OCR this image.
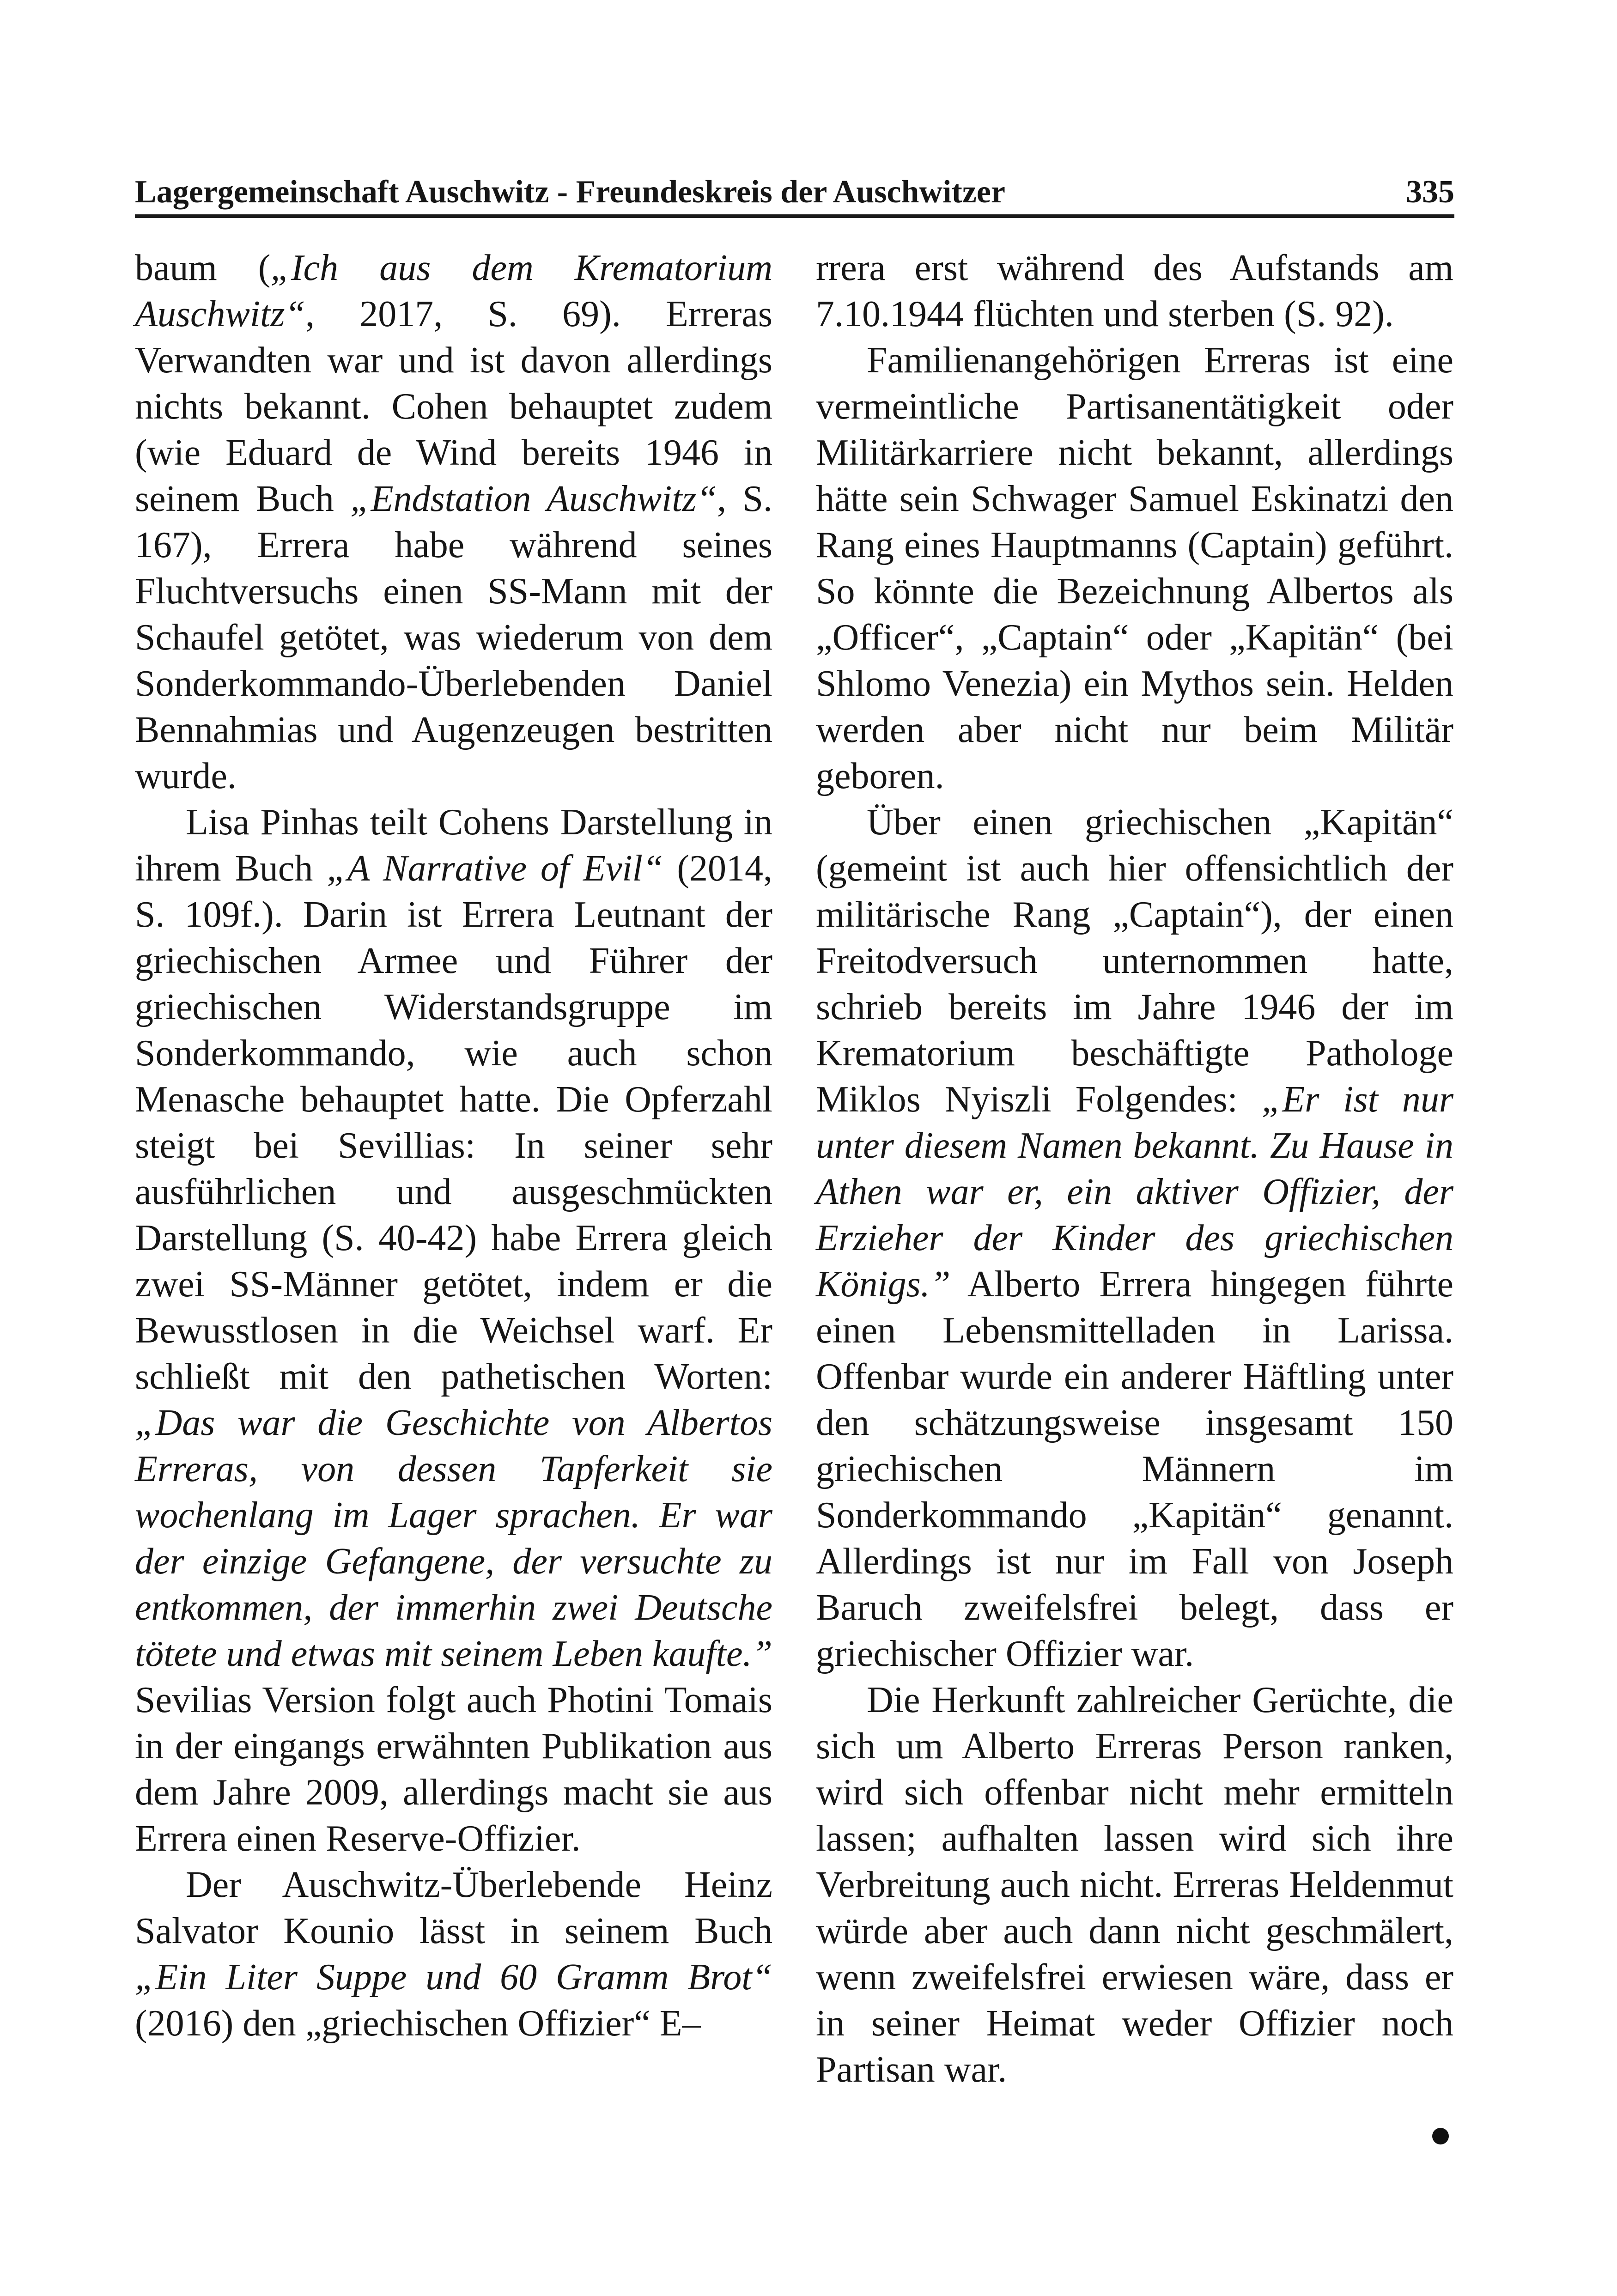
Lagergemeinschaft Auschwitz - Freundeskreis der Auschwitzer	335

baum („Ich aus dem Krematorium Auschwitz“, 2017, S. 69). Erreras Verwandten war und ist davon allerdings nichts bekannt. Cohen behauptet zudem (wie Eduard de Wind bereits 1946 in seinem Buch „Endstation Auschwitz“, S. 167), Errera habe während seines Fluchtversuchs einen SS-Mann mit der Schaufel getötet, was wiederum von dem Sonderkommando-Überlebenden Daniel Bennahmias und Augenzeugen bestritten wurde.

Lisa Pinhas teilt Cohens Darstellung in ihrem Buch „A Narrative of Evil“ (2014, S. 109f.). Darin ist Errera Leutnant der griechischen Armee und Führer der griechischen Widerstandsgruppe im Sonderkommando, wie auch schon Menasche behauptet hatte. Die Opferzahl steigt bei Sevillias: In seiner sehr ausführlichen und ausgeschmückten Darstellung (S. 40-42) habe Errera gleich zwei SS-Männer getötet, indem er die Bewusstlosen in die Weichsel warf. Er schließt mit den pathetischen Worten: „Das war die Geschichte von Albertos Erreras, von dessen Tapferkeit sie wochenlang im Lager sprachen. Er war der einzige Gefangene, der versuchte zu entkommen, der immerhin zwei Deutsche tötete und etwas mit seinem Leben kaufte.” Sevilias Version folgt auch Photini Tomais in der eingangs erwähnten Publikation aus dem Jahre 2009, allerdings macht sie aus Errera einen Reserve-Offizier.

Der Auschwitz-Überlebende Heinz Salvator Kounio lässt in seinem Buch „Ein Liter Suppe und 60 Gramm Brot“ (2016) den „griechischen Offizier“ E–

rrera erst während des Aufstands am 7.10.1944 flüchten und sterben (S. 92).

Familienangehörigen Erreras ist eine vermeintliche Partisanentätigkeit oder Militärkarriere nicht bekannt, allerdings hätte sein Schwager Samuel Eskinatzi den Rang eines Hauptmanns (Captain) geführt. So könnte die Bezeichnung Albertos als „Officer“, „Captain“ oder „Kapitän“ (bei Shlomo Venezia) ein Mythos sein. Helden werden aber nicht nur beim Militär geboren.

Über einen griechischen „Kapitän“ (gemeint ist auch hier offensichtlich der militärische Rang „Captain“), der einen Freitodversuch unternommen hatte, schrieb bereits im Jahre 1946 der im Krematorium beschäftigte Pathologe Miklos Nyiszli Folgendes: „Er ist nur unter diesem Namen bekannt. Zu Hause in Athen war er, ein aktiver Offizier, der Erzieher der Kinder des griechischen Königs.” Alberto Errera hingegen führte einen Lebensmittelladen in Larissa. Offenbar wurde ein anderer Häftling unter den schätzungsweise insgesamt 150 griechischen Männern im Sonderkommando „Kapitän“ genannt. Allerdings ist nur im Fall von Joseph Baruch zweifelsfrei belegt, dass er griechischer Offizier war.

Die Herkunft zahlreicher Gerüchte, die sich um Alberto Erreras Person ranken, wird sich offenbar nicht mehr ermitteln lassen; aufhalten lassen wird sich ihre Verbreitung auch nicht. Erreras Heldenmut würde aber auch dann nicht geschmälert, wenn zweifelsfrei erwiesen wäre, dass er in seiner Heimat weder Offizier noch Partisan war.
